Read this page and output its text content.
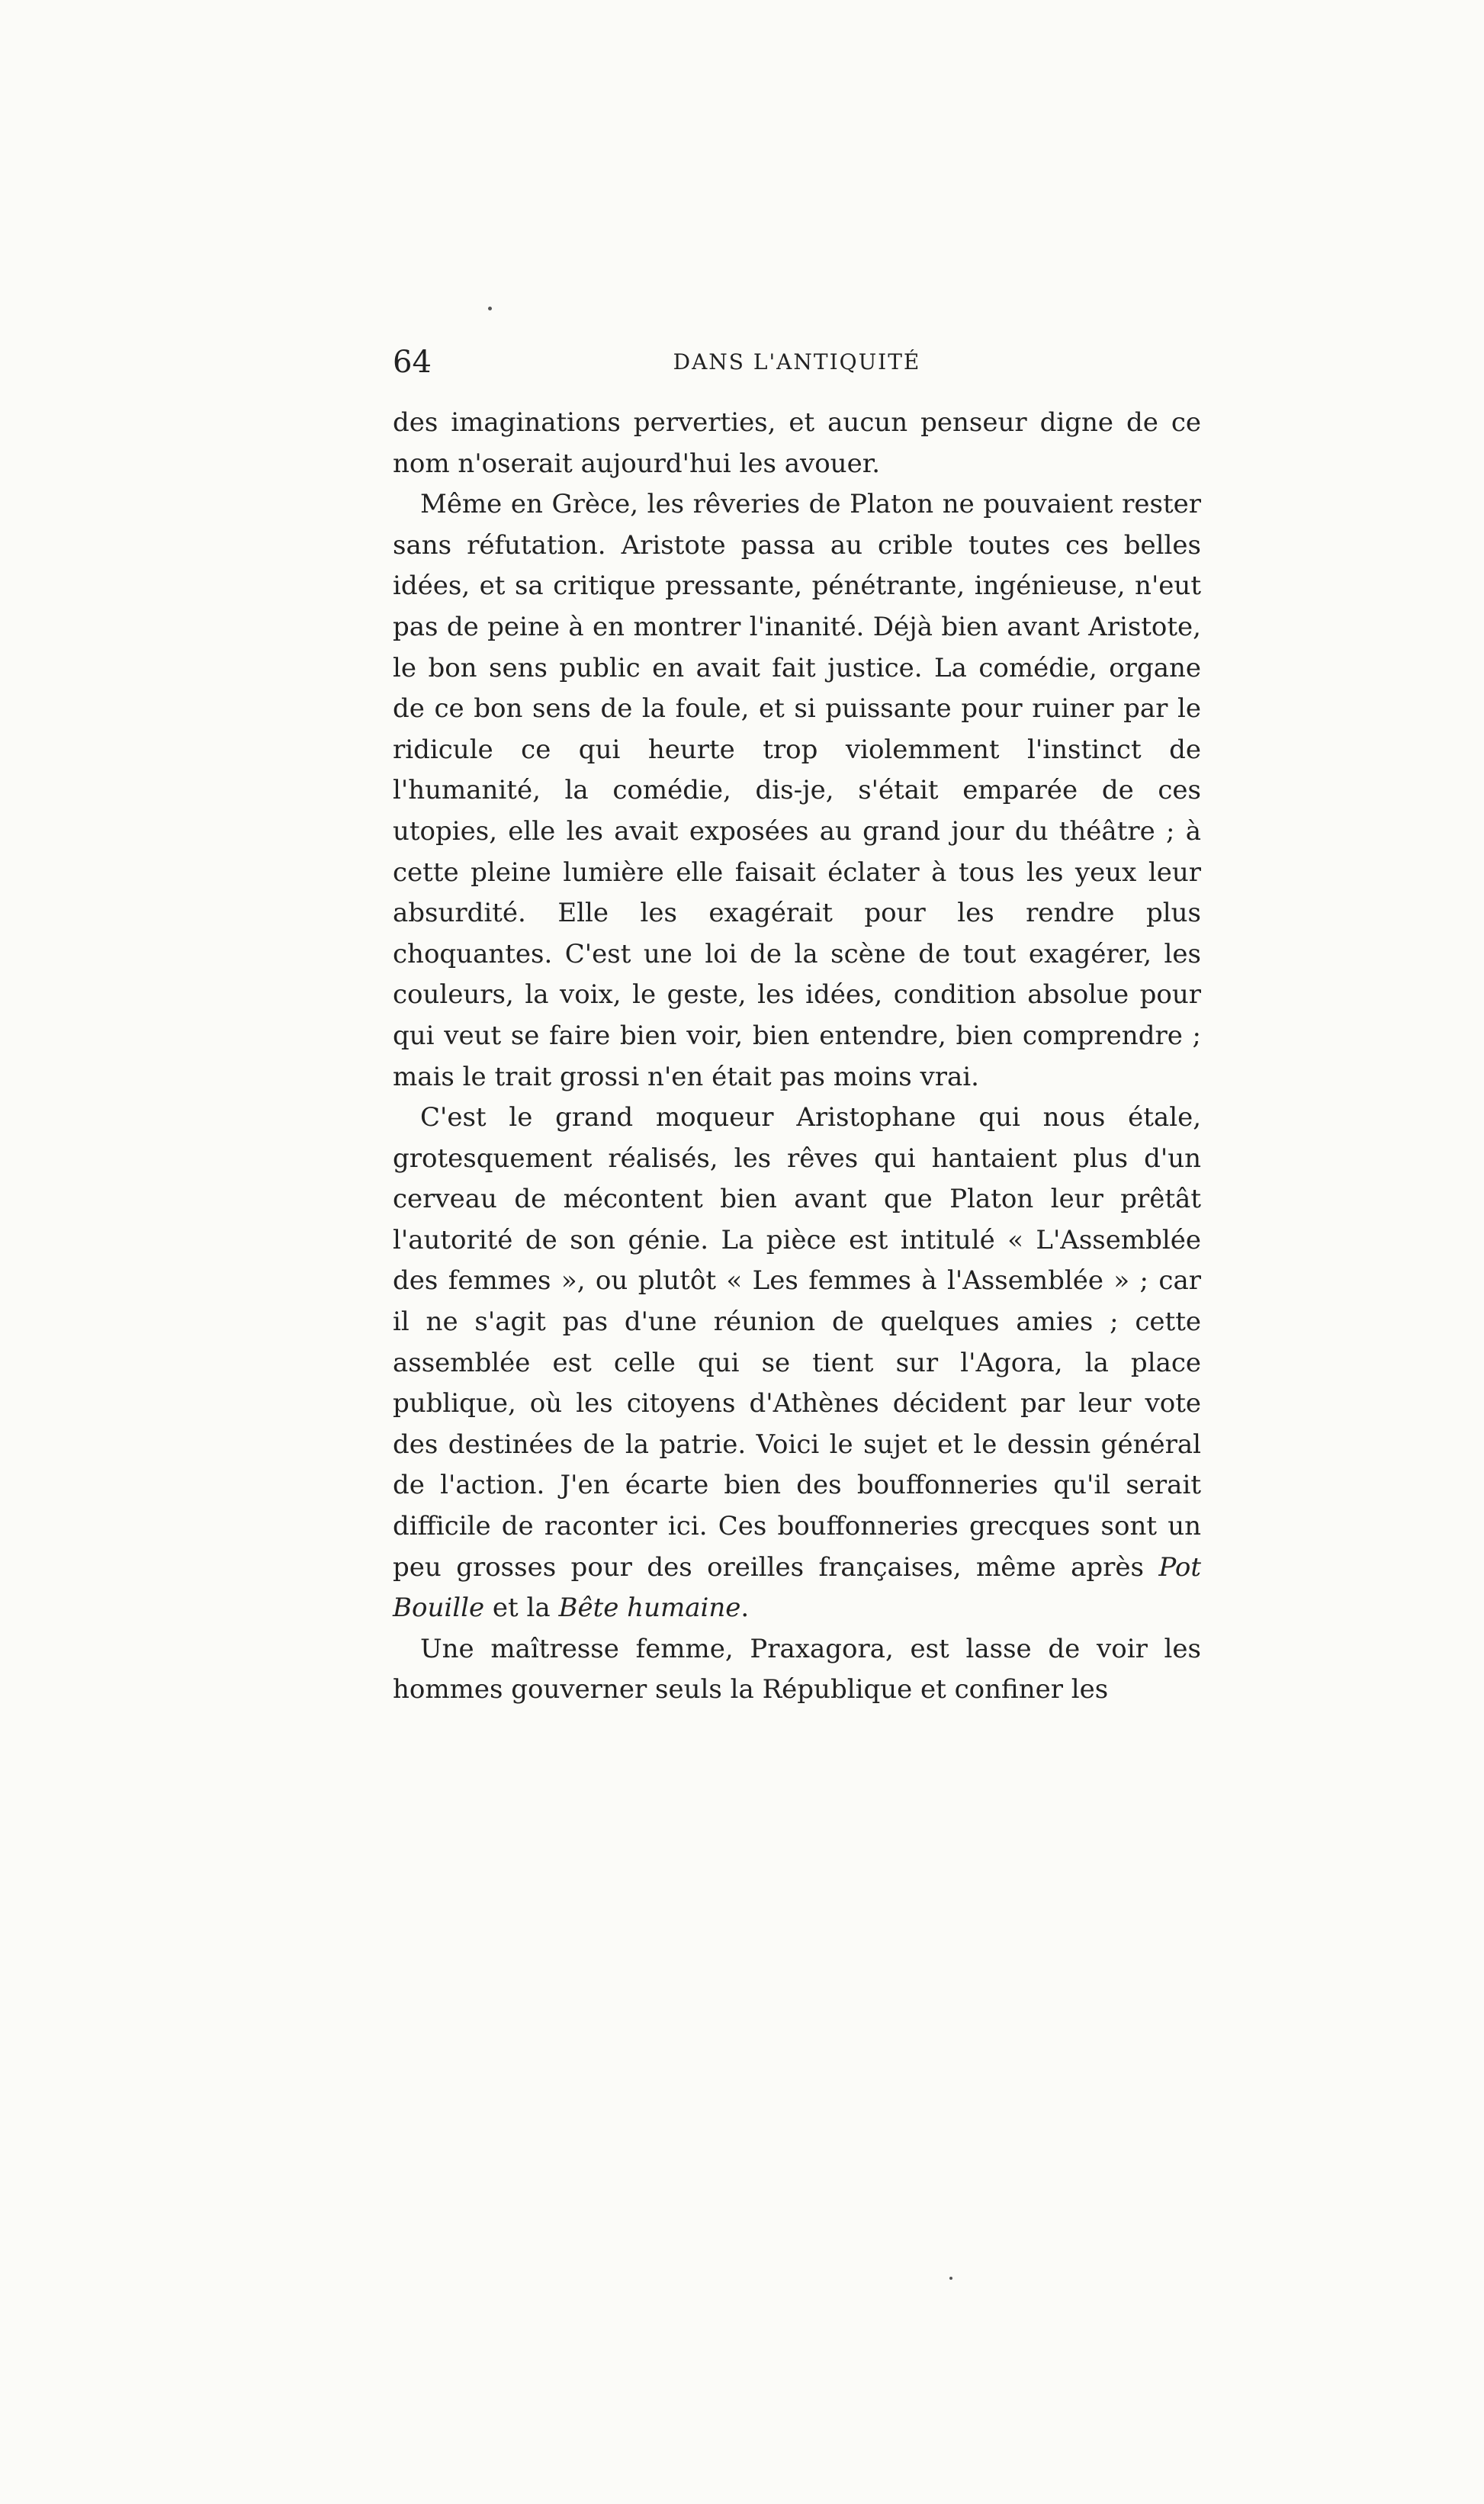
64	DANS L'ANTIQUITÉ

des imaginations perverties, et aucun penseur digne de ce nom n'oserait aujourd'hui les avouer.

Même en Grèce, les rêveries de Platon ne pouvaient rester sans réfutation. Aristote passa au crible toutes ces belles idées, et sa critique pressante, pénétrante, ingénieuse, n'eut pas de peine à en montrer l'inanité. Déjà bien avant Aristote, le bon sens public en avait fait justice. La comédie, organe de ce bon sens de la foule, et si puissante pour ruiner par le ridicule ce qui heurte trop violemment l'instinct de l'humanité, la comédie, dis-je, s'était emparée de ces utopies, elle les avait exposées au grand jour du théâtre ; à cette pleine lumière elle faisait éclater à tous les yeux leur absurdité. Elle les exagérait pour les rendre plus choquantes. C'est une loi de la scène de tout exagérer, les couleurs, la voix, le geste, les idées, condition absolue pour qui veut se faire bien voir, bien entendre, bien comprendre ; mais le trait grossi n'en était pas moins vrai.

C'est le grand moqueur Aristophane qui nous étale, grotesquement réalisés, les rêves qui hantaient plus d'un cerveau de mécontent bien avant que Platon leur prêtât l'autorité de son génie. La pièce est intitulé « L'Assemblée des femmes », ou plutôt « Les femmes à l'Assemblée » ; car il ne s'agit pas d'une réunion de quelques amies ; cette assemblée est celle qui se tient sur l'Agora, la place publique, où les citoyens d'Athènes décident par leur vote des destinées de la patrie. Voici le sujet et le dessin général de l'action. J'en écarte bien des bouffonneries qu'il serait difficile de raconter ici. Ces bouffonneries grecques sont un peu grosses pour des oreilles françaises, même après Pot Bouille et la Bête humaine.

Une maîtresse femme, Praxagora, est lasse de voir les hommes gouverner seuls la République et confiner les
